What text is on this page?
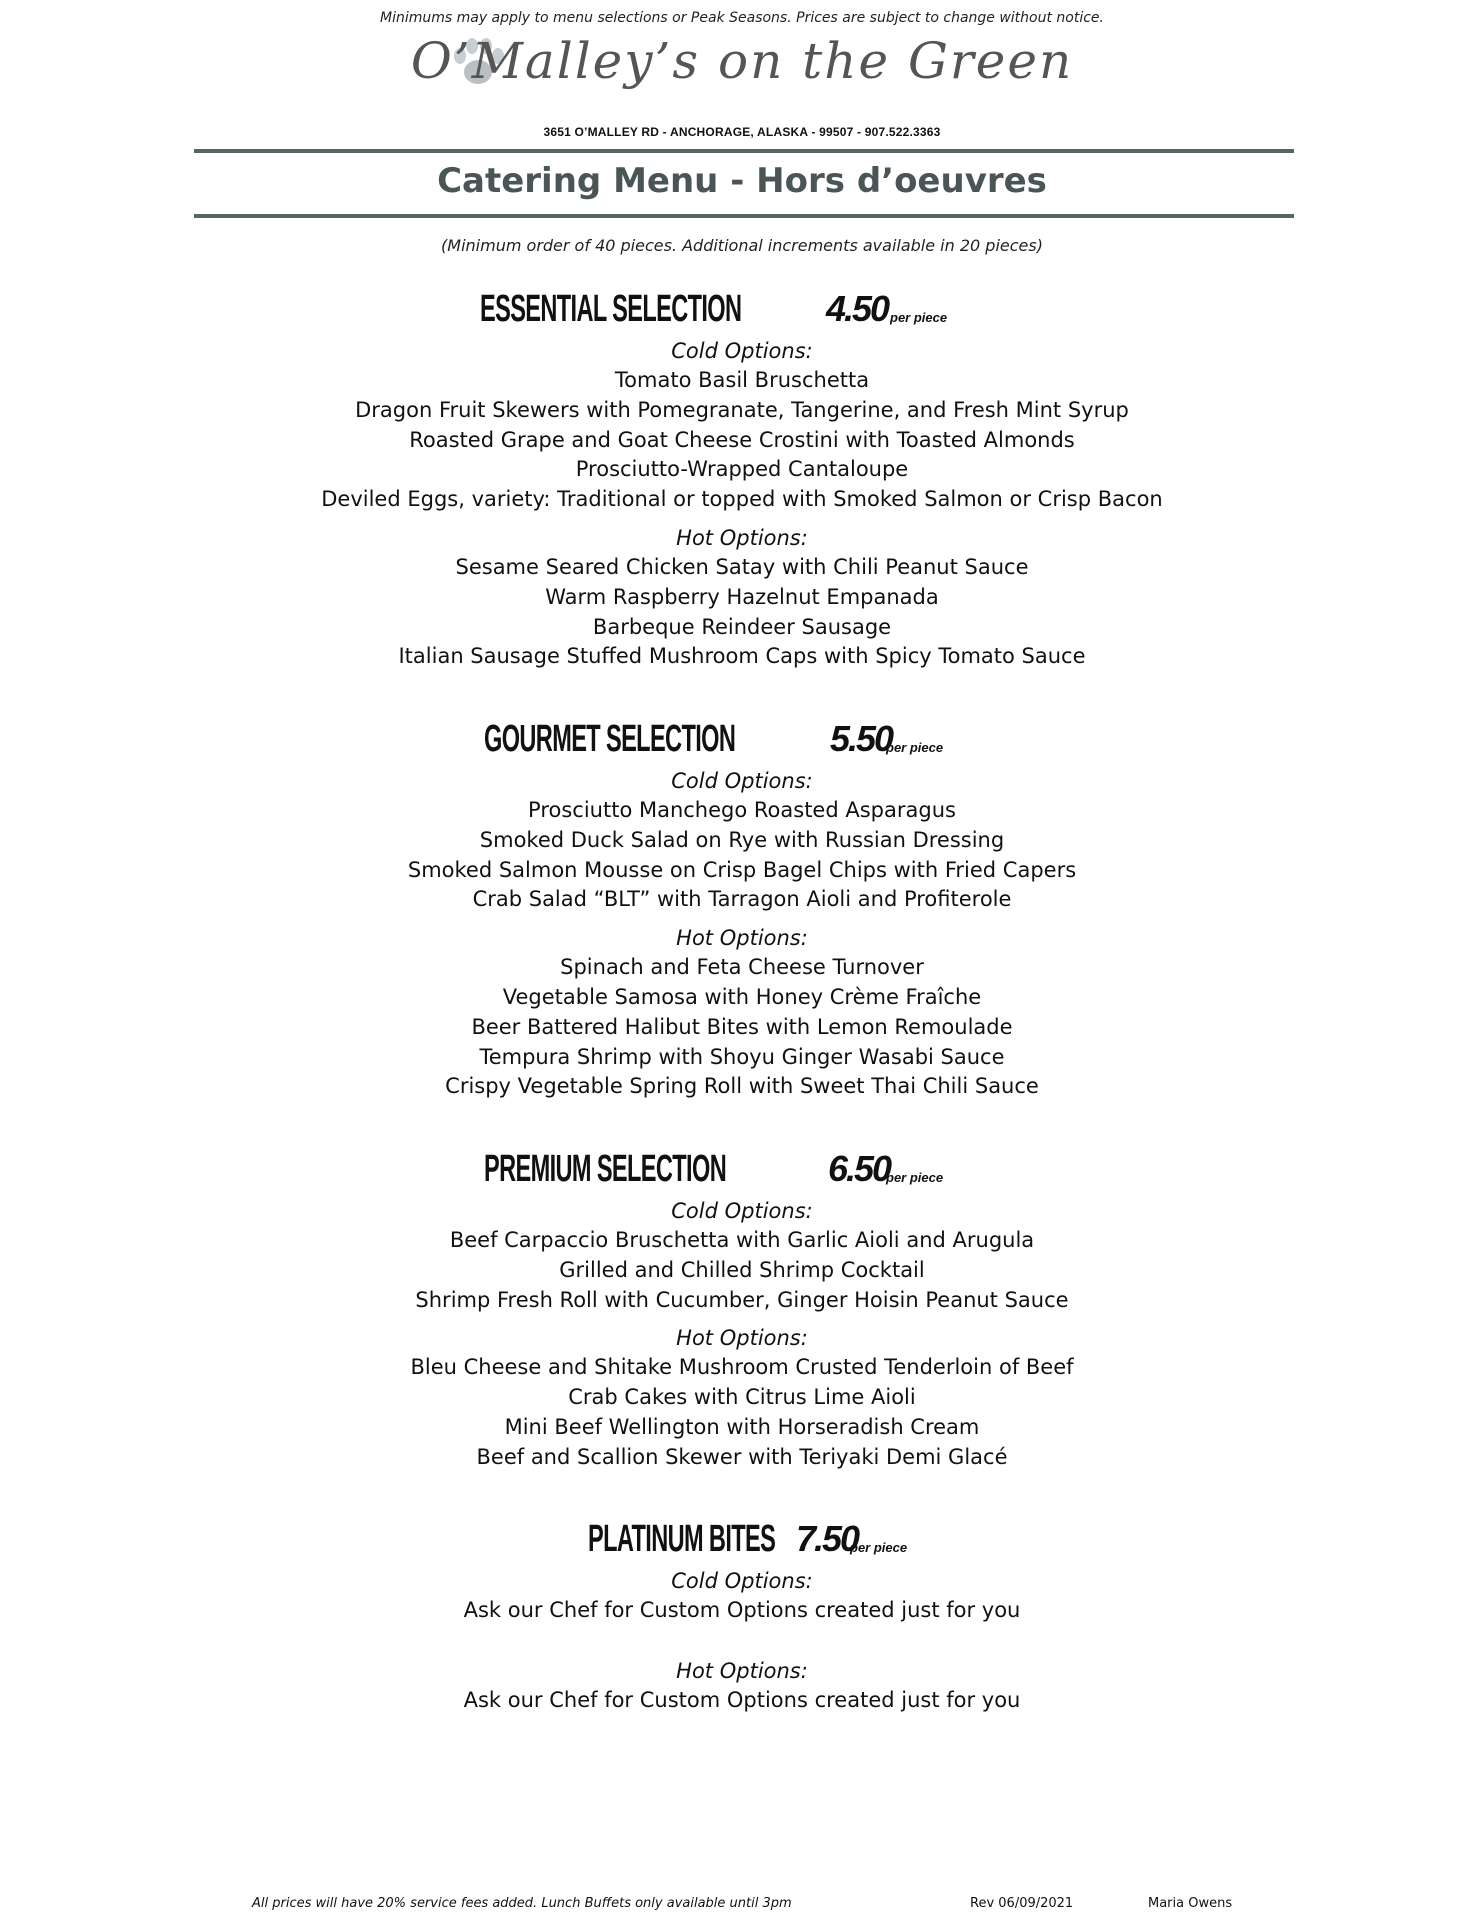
Minimums may apply to menu selections or Peak Seasons. Prices are subject to change without notice.
O’Malley’s on the Green
3651 O’MALLEY RD - ANCHORAGE, ALASKA - 99507 - 907.522.3363
Catering Menu - Hors d’oeuvres
(Minimum order of 40 pieces. Additional increments available in 20 pieces)
ESSENTIAL SELECTION 4.50 per piece
Cold Options:
Tomato Basil Bruschetta
Dragon Fruit Skewers with Pomegranate, Tangerine, and Fresh Mint Syrup
Roasted Grape and Goat Cheese Crostini with Toasted Almonds
Prosciutto-Wrapped Cantaloupe
Deviled Eggs, variety: Traditional or topped with Smoked Salmon or Crisp Bacon
Hot Options:
Sesame Seared Chicken Satay with Chili Peanut Sauce
Warm Raspberry Hazelnut Empanada
Barbeque Reindeer Sausage
Italian Sausage Stuffed Mushroom Caps with Spicy Tomato Sauce
GOURMET SELECTION	5.50
per piece
Cold Options:
Prosciutto Manchego Roasted Asparagus
Smoked Duck Salad on Rye with Russian Dressing
Smoked Salmon Mousse on Crisp Bagel Chips with Fried Capers
Crab Salad “BLT” with Tarragon Aioli and Profiterole
Hot Options:
Spinach and Feta Cheese Turnover
Vegetable Samosa with Honey Crème Fraîche
Beer Battered Halibut Bites with Lemon Remoulade
Tempura Shrimp with Shoyu Ginger Wasabi Sauce
Crispy Vegetable Spring Roll with Sweet Thai Chili Sauce
PREMIUM SELECTION	6.50
per piece
Cold Options:
Beef Carpaccio Bruschetta with Garlic Aioli and Arugula
Grilled and Chilled Shrimp Cocktail
Shrimp Fresh Roll with Cucumber, Ginger Hoisin Peanut Sauce
Hot Options:
Bleu Cheese and Shitake Mushroom Crusted Tenderloin of Beef
Crab Cakes with Citrus Lime Aioli
Mini Beef Wellington with Horseradish Cream
Beef and Scallion Skewer with Teriyaki Demi Glacé
PLATINUM BITES 7.50
per piece
Cold Options:
Ask our Chef for Custom Options created just for you
Hot Options:
Ask our Chef for Custom Options created just for you
All prices will have 20% service fees added. Lunch Buffets only available until 3pm	Rev 06/09/2021	Maria Owens
